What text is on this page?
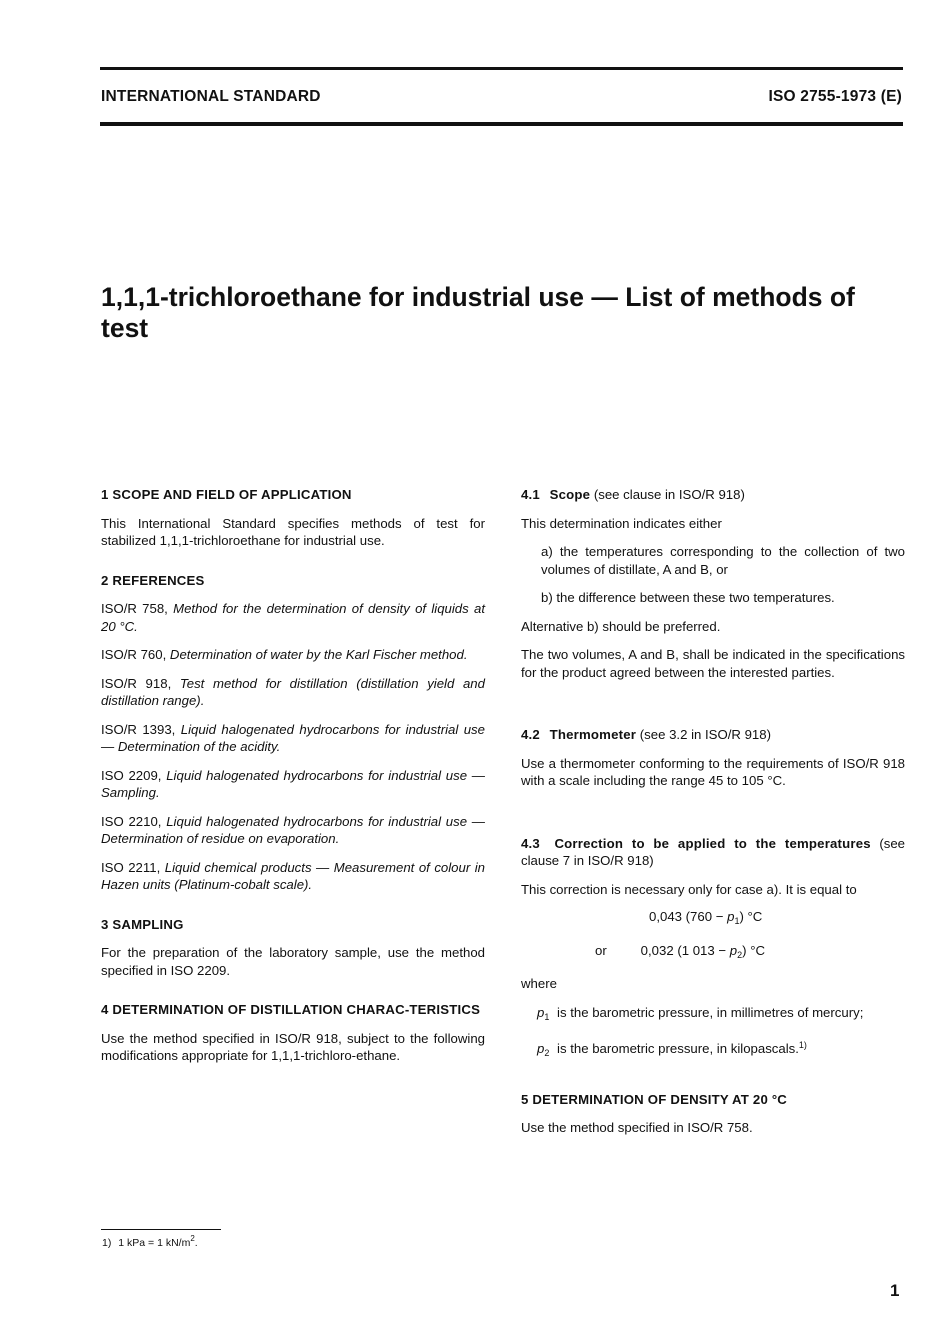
INTERNATIONAL STANDARD	ISO 2755-1973 (E)
1,1,1-trichloroethane for industrial use — List of methods of test

1 SCOPE AND FIELD OF APPLICATION

This International Standard specifies methods of test for stabilized 1,1,1-trichloroethane for industrial use.

2 REFERENCES

ISO/R 758, Method for the determination of density of liquids at 20 °C.

ISO/R 760, Determination of water by the Karl Fischer method.

ISO/R 918, Test method for distillation (distillation yield and distillation range).

ISO/R 1393, Liquid halogenated hydrocarbons for industrial use — Determination of the acidity.

ISO 2209, Liquid halogenated hydrocarbons for industrial use — Sampling.

ISO 2210, Liquid halogenated hydrocarbons for industrial use — Determination of residue on evaporation.

ISO 2211, Liquid chemical products — Measurement of colour in Hazen units (Platinum-cobalt scale).

3 SAMPLING

For the preparation of the laboratory sample, use the method specified in ISO 2209.

4 DETERMINATION OF DISTILLATION CHARAC-TERISTICS

Use the method specified in ISO/R 918, subject to the following modifications appropriate for 1,1,1-trichloro-ethane.

4.1 Scope (see clause in ISO/R 918)

This determination indicates either

a) the temperatures corresponding to the collection of two volumes of distillate, A and B, or

b) the difference between these two temperatures.

Alternative b) should be preferred.

The two volumes, A and B, shall be indicated in the specifications for the product agreed between the interested parties.

4.2 Thermometer (see 3.2 in ISO/R 918)

Use a thermometer conforming to the requirements of ISO/R 918 with a scale including the range 45 to 105 °C.

4.3 Correction to be applied to the temperatures (see clause 7 in ISO/R 918)

This correction is necessary only for case a). It is equal to

0,043 $(760 - p_1)$ °C

or	0,032 (1 $013 - p_2$) °C

where

$p_1$ is the barometric pressure, in millimetres of mercury;

$p_2$ is the barometric pressure, in kilopascals.$^{1)}$

5 DETERMINATION OF DENSITY AT 20 °C

Use the method specified in ISO/R 758.

1) 1 kPa = 1 $kN/m^2$.
1
